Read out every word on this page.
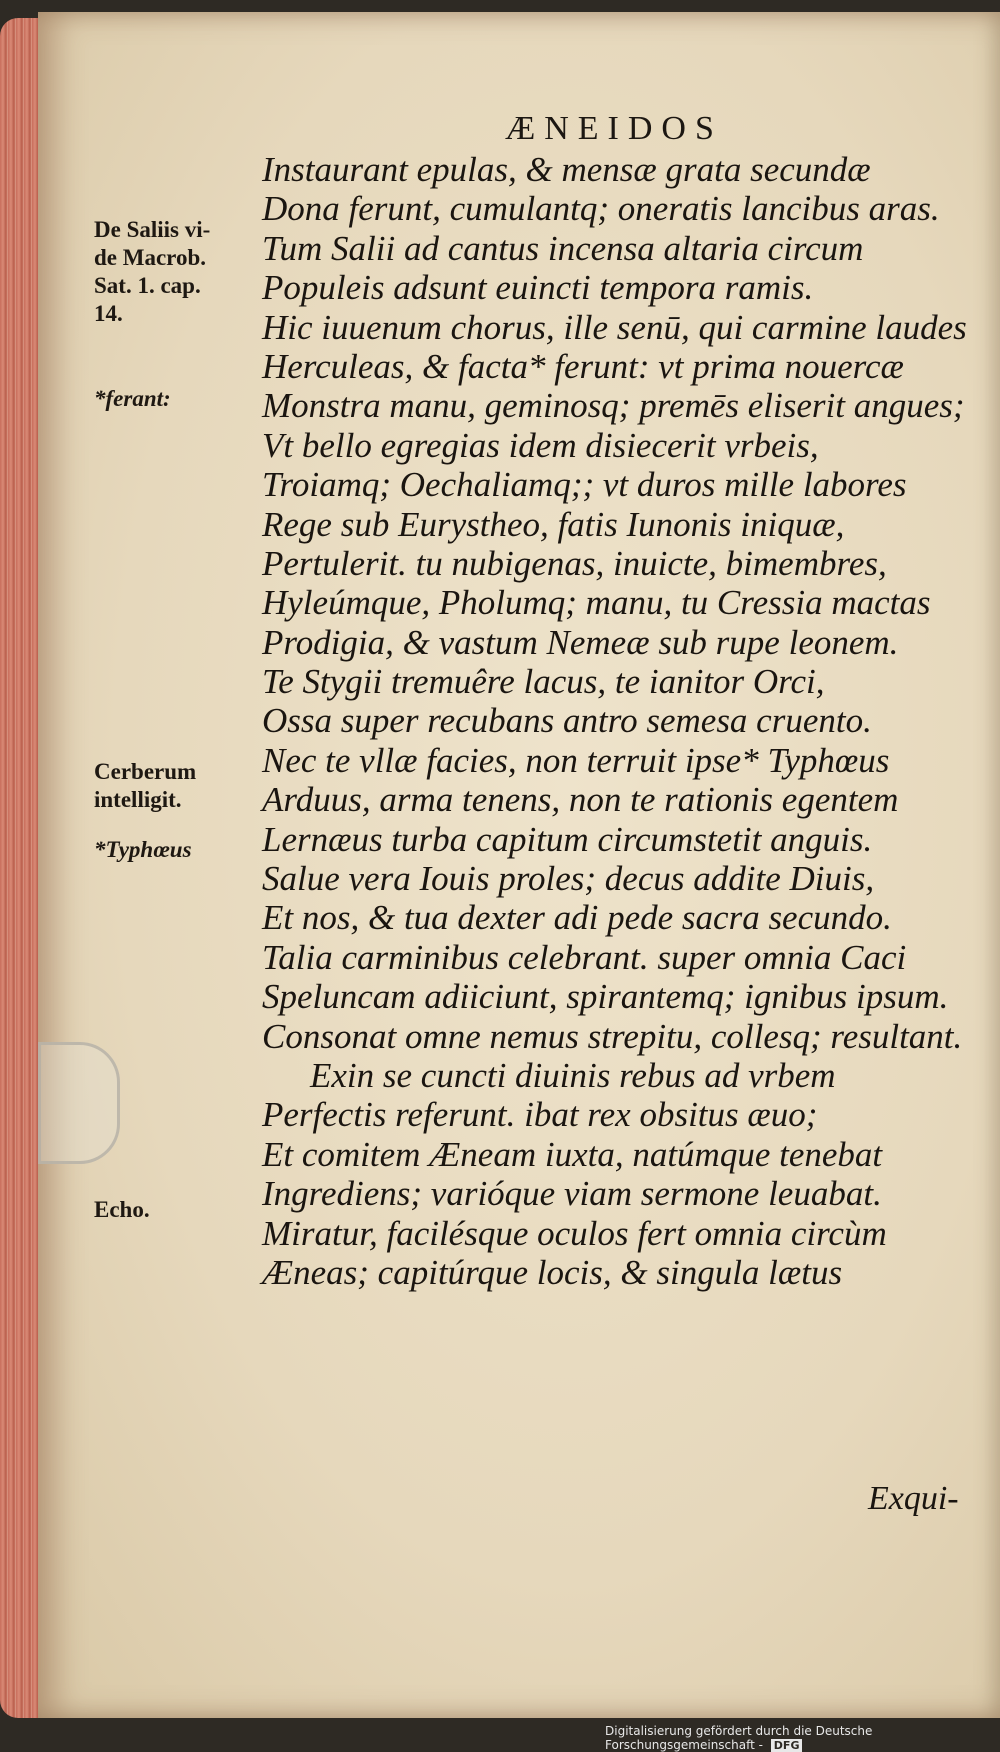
ÆNEIDOS
De Saliis vi-
de Macrob.
Sat. 1. cap.
14.
*ferant:
Cerberum
intelligit.
*Typhœus
Echo.
Instaurant epulas, & mensæ grata secundæ
Dona ferunt, cumulantq; oneratis lancibus aras.
Tum Salii ad cantus incensa altaria circum
Populeis adsunt euincti tempora ramis.
Hic iuuenum chorus, ille senū, qui carmine laudes
Herculeas, & facta* ferunt: vt prima nouercæ
Monstra manu, geminosq; premēs eliserit angues;
Vt bello egregias idem disiecerit vrbeis,
Troiamq; Oechaliamq;; vt duros mille labores
Rege sub Eurystheo, fatis Iunonis iniquæ,
Pertulerit. tu nubigenas, inuicte, bimembres,
Hyleúmque, Pholumq; manu, tu Cressia mactas
Prodigia, & vastum Nemeæ sub rupe leonem.
Te Stygii tremuêre lacus, te ianitor Orci,
Ossa super recubans antro semesa cruento.
Nec te vllæ facies, non terruit ipse* Typhœus
Arduus, arma tenens, non te rationis egentem
Lernæus turba capitum circumstetit anguis.
Salue vera Iouis proles; decus addite Diuis,
Et nos, & tua dexter adi pede sacra secundo.
Talia carminibus celebrant. super omnia Caci
Speluncam adiiciunt, spirantemq; ignibus ipsum.
Consonat omne nemus strepitu, collesq; resultant.
Exin se cuncti diuinis rebus ad vrbem
Perfectis referunt. ibat rex obsitus æuo;
Et comitem Æneam iuxta, natúmque tenebat
Ingrediens; varióque viam sermone leuabat.
Miratur, facilésque oculos fert omnia circùm
Æneas; capitúrque locis, & singula lætus
Exqui-
Digitalisierung gefördert durch die Deutsche Forschungsgemeinschaft - DFG
